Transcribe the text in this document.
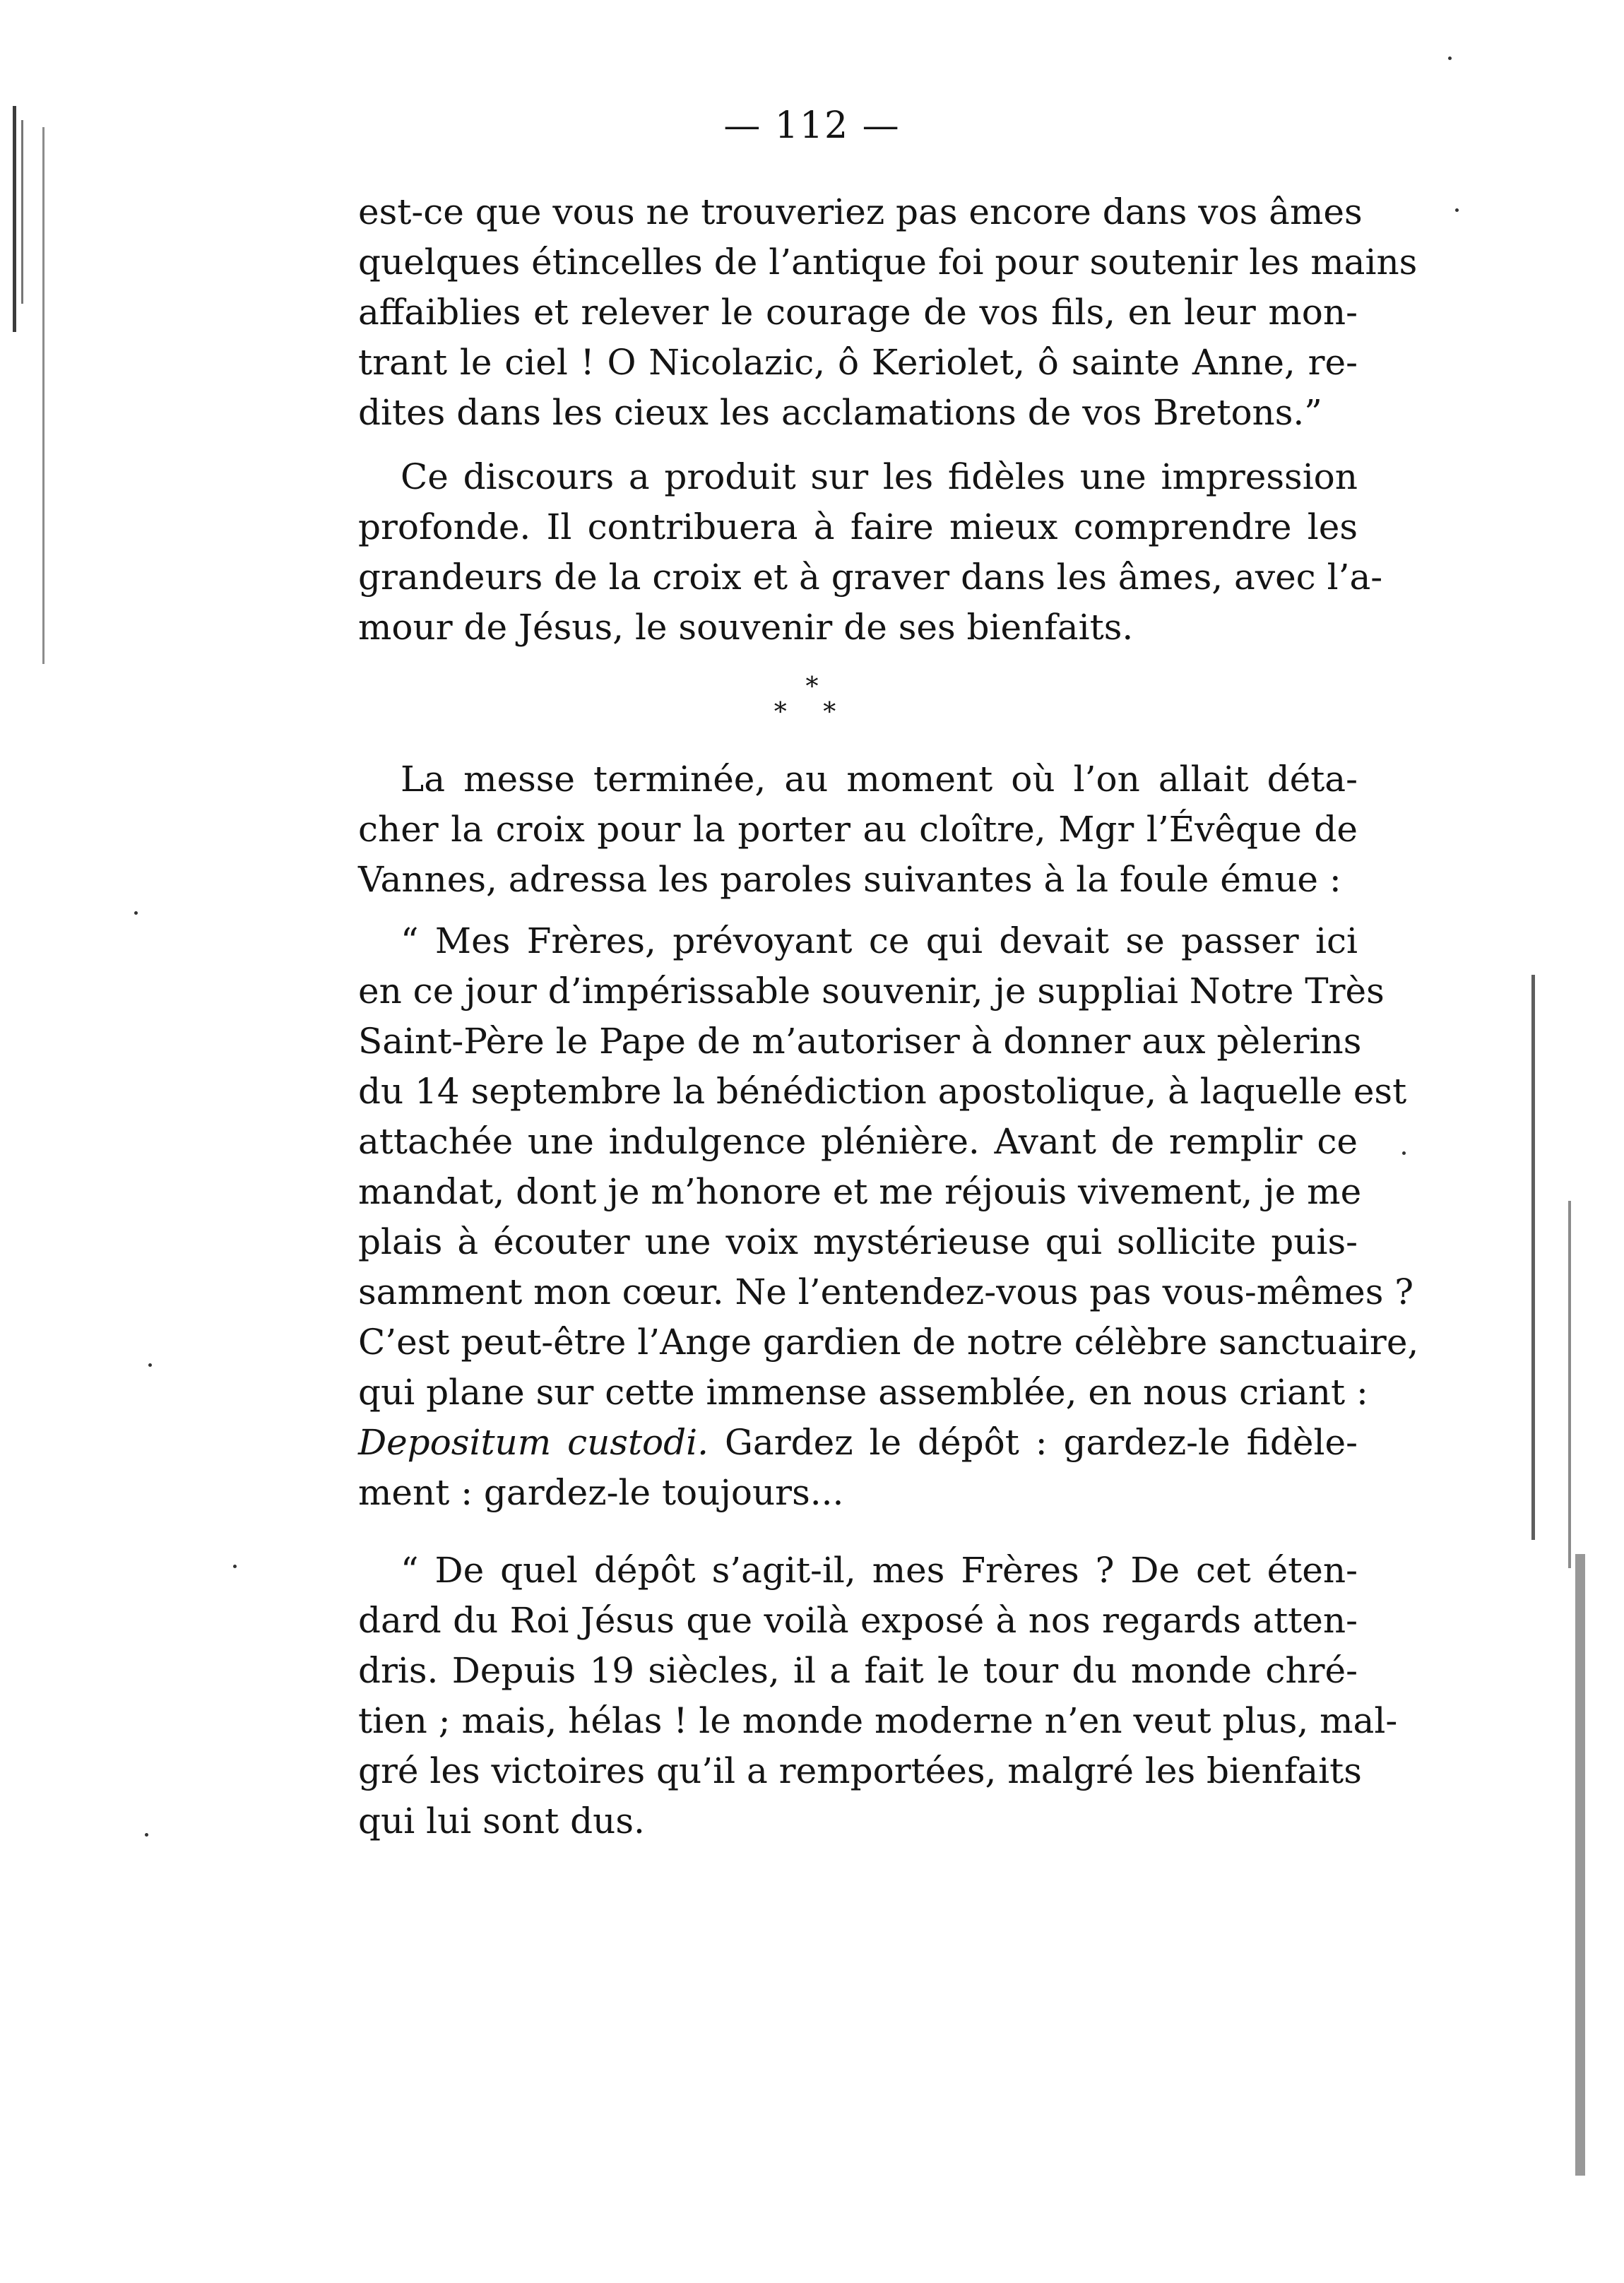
— 112 —
est-ce que vous ne trouveriez pas encore dans vos âmes
quelques étincelles de l’antique foi pour soutenir les mains
affaiblies et relever le courage de vos fils, en leur mon-
trant le ciel ! O Nicolazic, ô Keriolet, ô sainte Anne, re-
dites dans les cieux les acclamations de vos Bretons.”
Ce discours a produit sur les fidèles une impression
profonde. Il contribuera à faire mieux comprendre les
grandeurs de la croix et à graver dans les âmes, avec l’a-
mour de Jésus, le souvenir de ses bienfaits.
*
* *
La messe terminée, au moment où l’on allait déta-
cher la croix pour la porter au cloître, Mgr l’Évêque de
Vannes, adressa les paroles suivantes à la foule émue :
“ Mes Frères, prévoyant ce qui devait se passer ici
en ce jour d’impérissable souvenir, je suppliai Notre Très
Saint-Père le Pape de m’autoriser à donner aux pèlerins
du 14 septembre la bénédiction apostolique, à laquelle est
attachée une indulgence plénière. Avant de remplir ce
mandat, dont je m’honore et me réjouis vivement, je me
plais à écouter une voix mystérieuse qui sollicite puis-
samment mon cœur. Ne l’entendez-vous pas vous-mêmes ?
C’est peut-être l’Ange gardien de notre célèbre sanctuaire,
qui plane sur cette immense assemblée, en nous criant :
Depositum custodi. Gardez le dépôt : gardez-le fidèle-
ment : gardez-le toujours...
“ De quel dépôt s’agit-il, mes Frères ? De cet éten-
dard du Roi Jésus que voilà exposé à nos regards atten-
dris. Depuis 19 siècles, il a fait le tour du monde chré-
tien ; mais, hélas ! le monde moderne n’en veut plus, mal-
gré les victoires qu’il a remportées, malgré les bienfaits
qui lui sont dus.
